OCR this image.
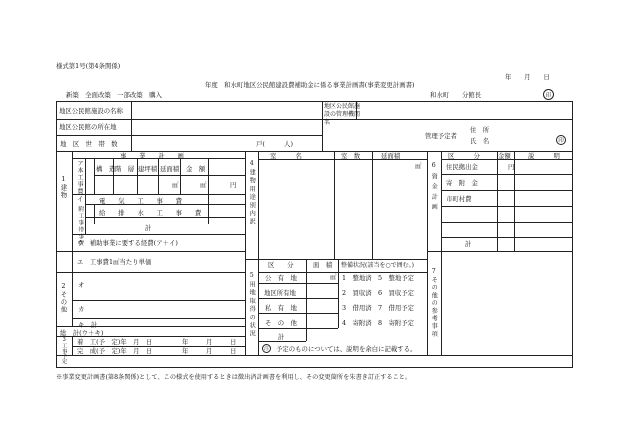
様式第1号(第4条関係)
年　　月　　日
年度　和水町地区公民館建設費補助金に係る事業計画書(事業変更計画書)
新築　全面改築　一部改築　購入	和水町　　分館長	印
地区公民館施設の名称
地区公民館施設の管理機関名
地区公民館の所在地
地　区　世　帯　数	戸(　　　人)
管理予定者
住　所
氏　名	印
1建物
事　　業　　計　　画
ア本工事費 構　造 階　層 建坪積 延面積 金　額
㎡	㎡	円
イ 電　　気　　工　　事　　費
附工事帯事費	給　　排　　水　　工　　事　　費
計
ウ　補助事業に要する経費(ア＋イ)
エ　工事費1㎡当たり単価
2その他 オ
カ
キ　計
総　計(ウ＋キ)
3工事予定 着　工(予　定)年　月　日	年	月	日
完　成(予　定)年　月　日	年	月	日
4建物用途別内訳
室　　　名	室　数	延面積
㎡
5用地取得の状況
区　　分	面　積 整備状況(該当を○で囲む。)
公　有　地	㎡ 1　整地済　5　整地予定
地区所有地	2　買収済　6　買収予定
私　有　地	3　借用済　7　借用予定
そ　の　他	4　寄附済　8　寄附予定
計
注	予定のものについては、説明を余白に記載する。
6資金計画
区　　　分	金額	説　　　明
住民拠出金	円
寄　附　金
市町村費
計
7その他の参考事項
※事業変更計画書(第8条関係)として、この様式を使用するときは徴出済計画書を利用し、その変更箇所を朱書き訂正すること。
